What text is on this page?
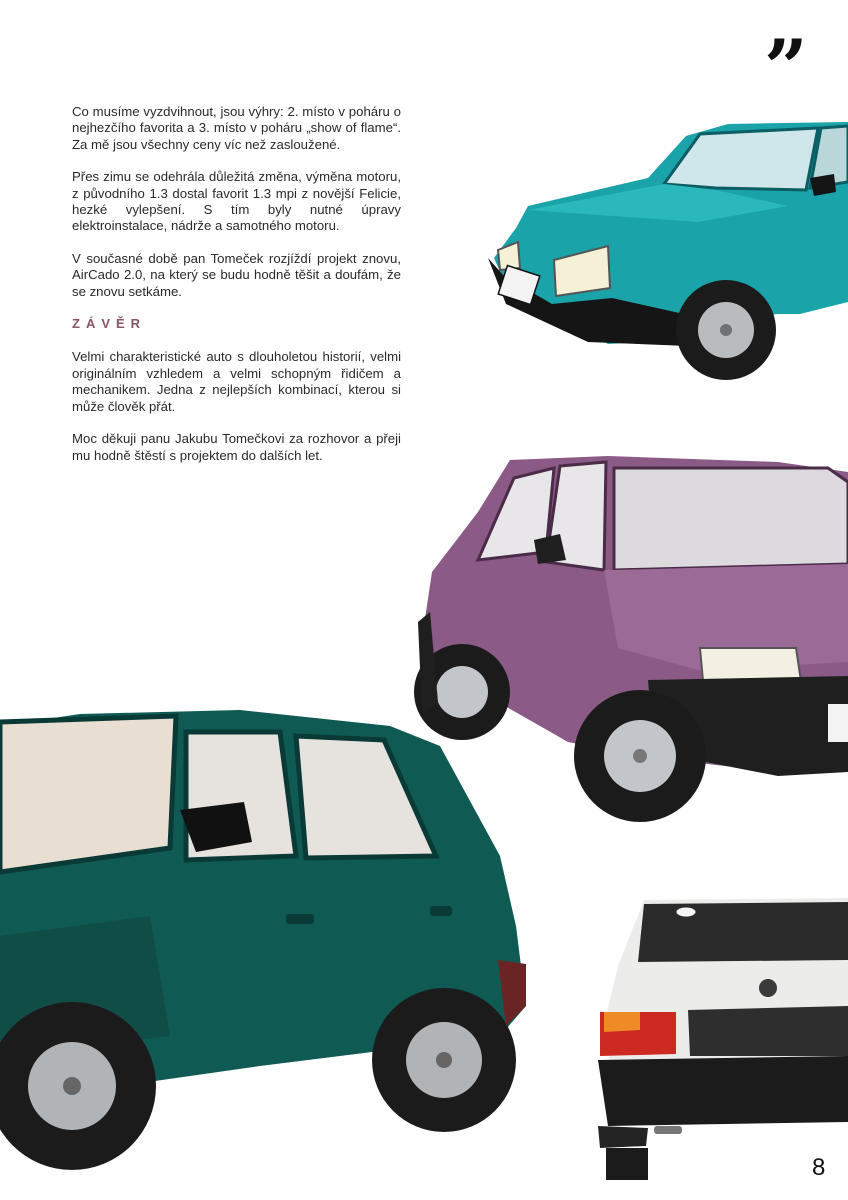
”

Co musíme vyzdvihnout, jsou výhry: 2. místo v poháru o nejhezčího favorita a 3. místo v poháru „show of flame“. Za mě jsou všechny ceny víc než zasloužené.

Přes zimu se odehrála důležitá změna, výměna motoru, z původního 1.3 dostal favorit 1.3 mpi z novější Felicie, hezké vylepšení. S tím byly nutné úpravy elektroinstalace, nádrže a samotného motoru.

V současné době pan Tomeček rozjíždí projekt znovu, AirCado 2.0, na který se budu hodně těšit a doufám, že se znovu setkáme.

ZÁVĚR

Velmi charakteristické auto s dlouholetou historií, velmi originálním vzhledem a velmi schopným řidičem a mechanikem. Jedna z nejlepších kombinací, kterou si může člověk přát.

Moc děkuji panu Jakubu Tomečkovi za rozhovor a přeji mu hodně štěstí s projektem do dalších let.

8
